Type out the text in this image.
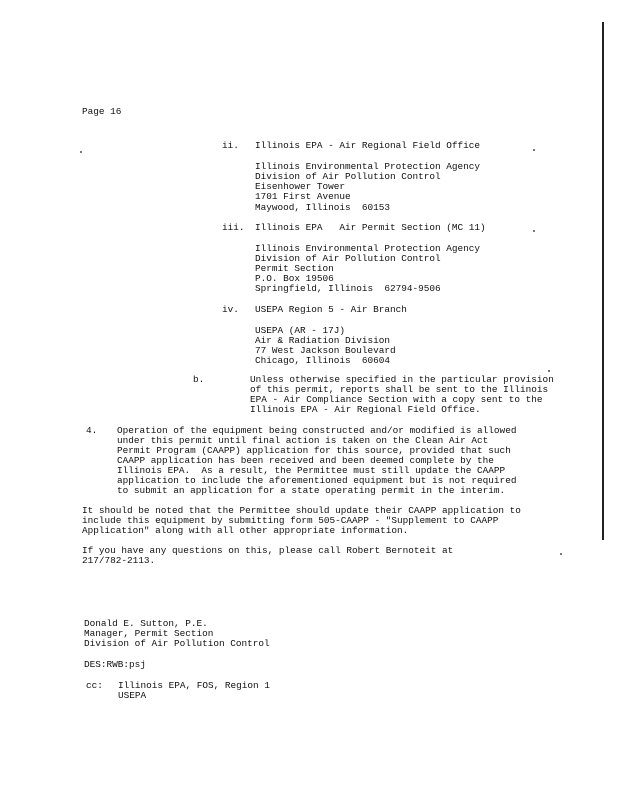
Page 16
ii. Illinois EPA - Air Regional Field Office
Illinois Environmental Protection Agency
Division of Air Pollution Control
Eisenhower Tower
1701 First Avenue
Maywood, Illinois  60153
iii. Illinois EPA   Air Permit Section (MC 11)
Illinois Environmental Protection Agency
Division of Air Pollution Control
Permit Section
P.O. Box 19506
Springfield, Illinois  62794-9506
iv. USEPA Region 5 - Air Branch
USEPA (AR - 17J)
Air & Radiation Division
77 West Jackson Boulevard
Chicago, Illinois  60604
b.	Unless otherwise specified in the particular provision
of this permit, reports shall be sent to the Illinois
EPA - Air Compliance Section with a copy sent to the
Illinois EPA - Air Regional Field Office.
4. Operation of the equipment being constructed and/or modified is allowed
under this permit until final action is taken on the Clean Air Act
Permit Program (CAAPP) application for this source, provided that such
CAAPP application has been received and been deemed complete by the
Illinois EPA.  As a result, the Permittee must still update the CAAPP
application to include the aforementioned equipment but is not required
to submit an application for a state operating permit in the interim.
It should be noted that the Permittee should update their CAAPP application to
include this equipment by submitting form 505-CAAPP - "Supplement to CAAPP
Application" along with all other appropriate information.
If you have any questions on this, please call Robert Bernoteit at
217/782-2113.
Donald E. Sutton, P.E.
Manager, Permit Section
Division of Air Pollution Control
DES:RWB:psj
cc: Illinois EPA, FOS, Region 1
USEPA
